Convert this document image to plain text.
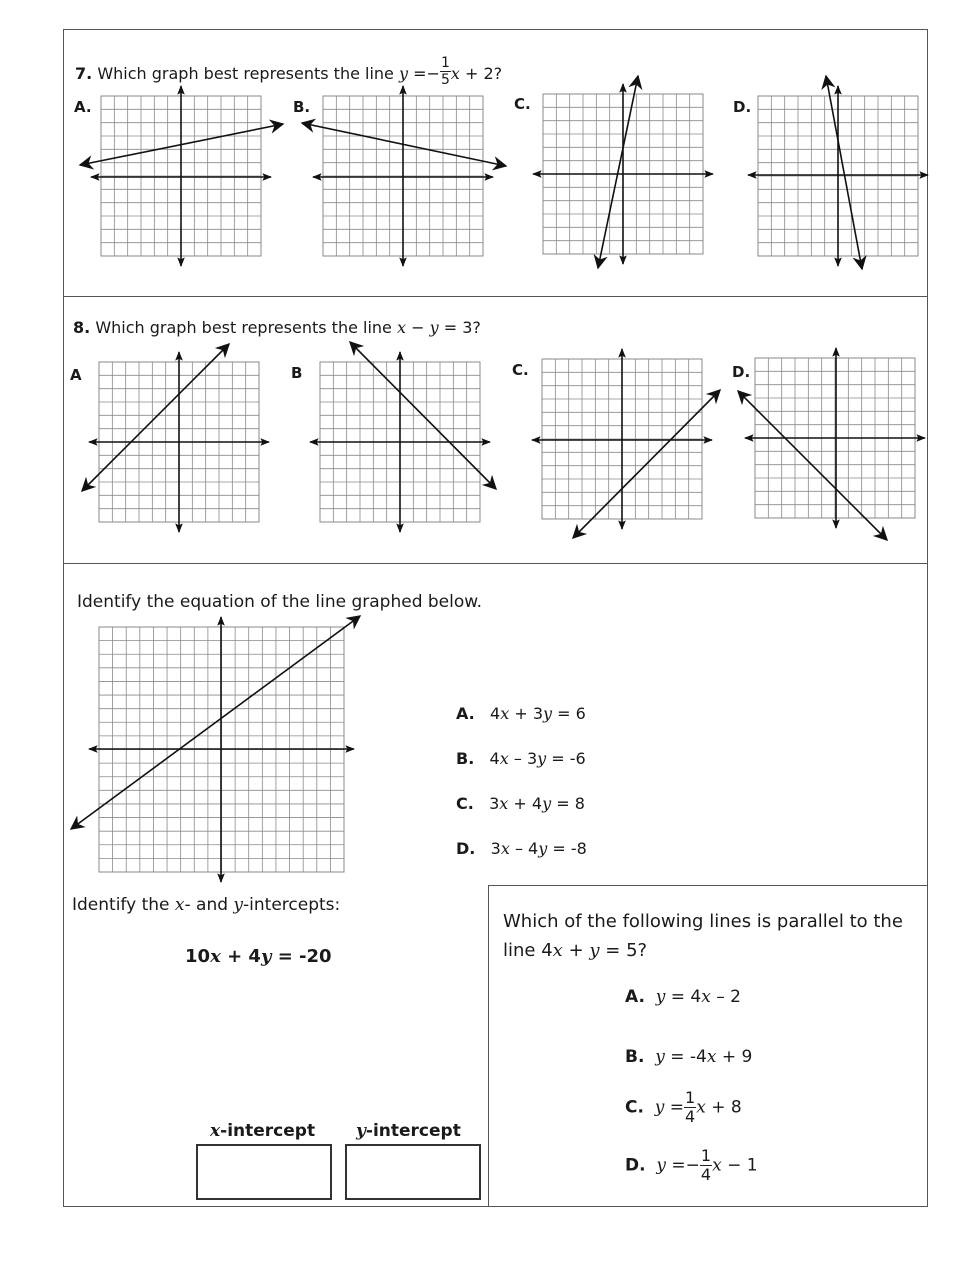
7. Which graph best represents the line $y =- \frac{1}{5}$ x + 2?
A.	B.	C.	D.
8. Which graph best represents the line x − y = 3?
A	B	C.	D.
Identify the equation of the line graphed below.
A. 4x + 3y = 6
B. 4x – 3y = -6
C. 3x + 4y = 8
D. 3x – 4y = -8
Identify the x- and y-intercepts:
10x + 4y = -20
x-intercept y-intercept
Which of the following lines is parallel to the
line 4x + y = 5?
A. y = 4x – 2
B. y = -4x + 9
C. $y = \frac{1}{4}$ x + 8
D. $y =- \frac{1}{4}$ x − 1
